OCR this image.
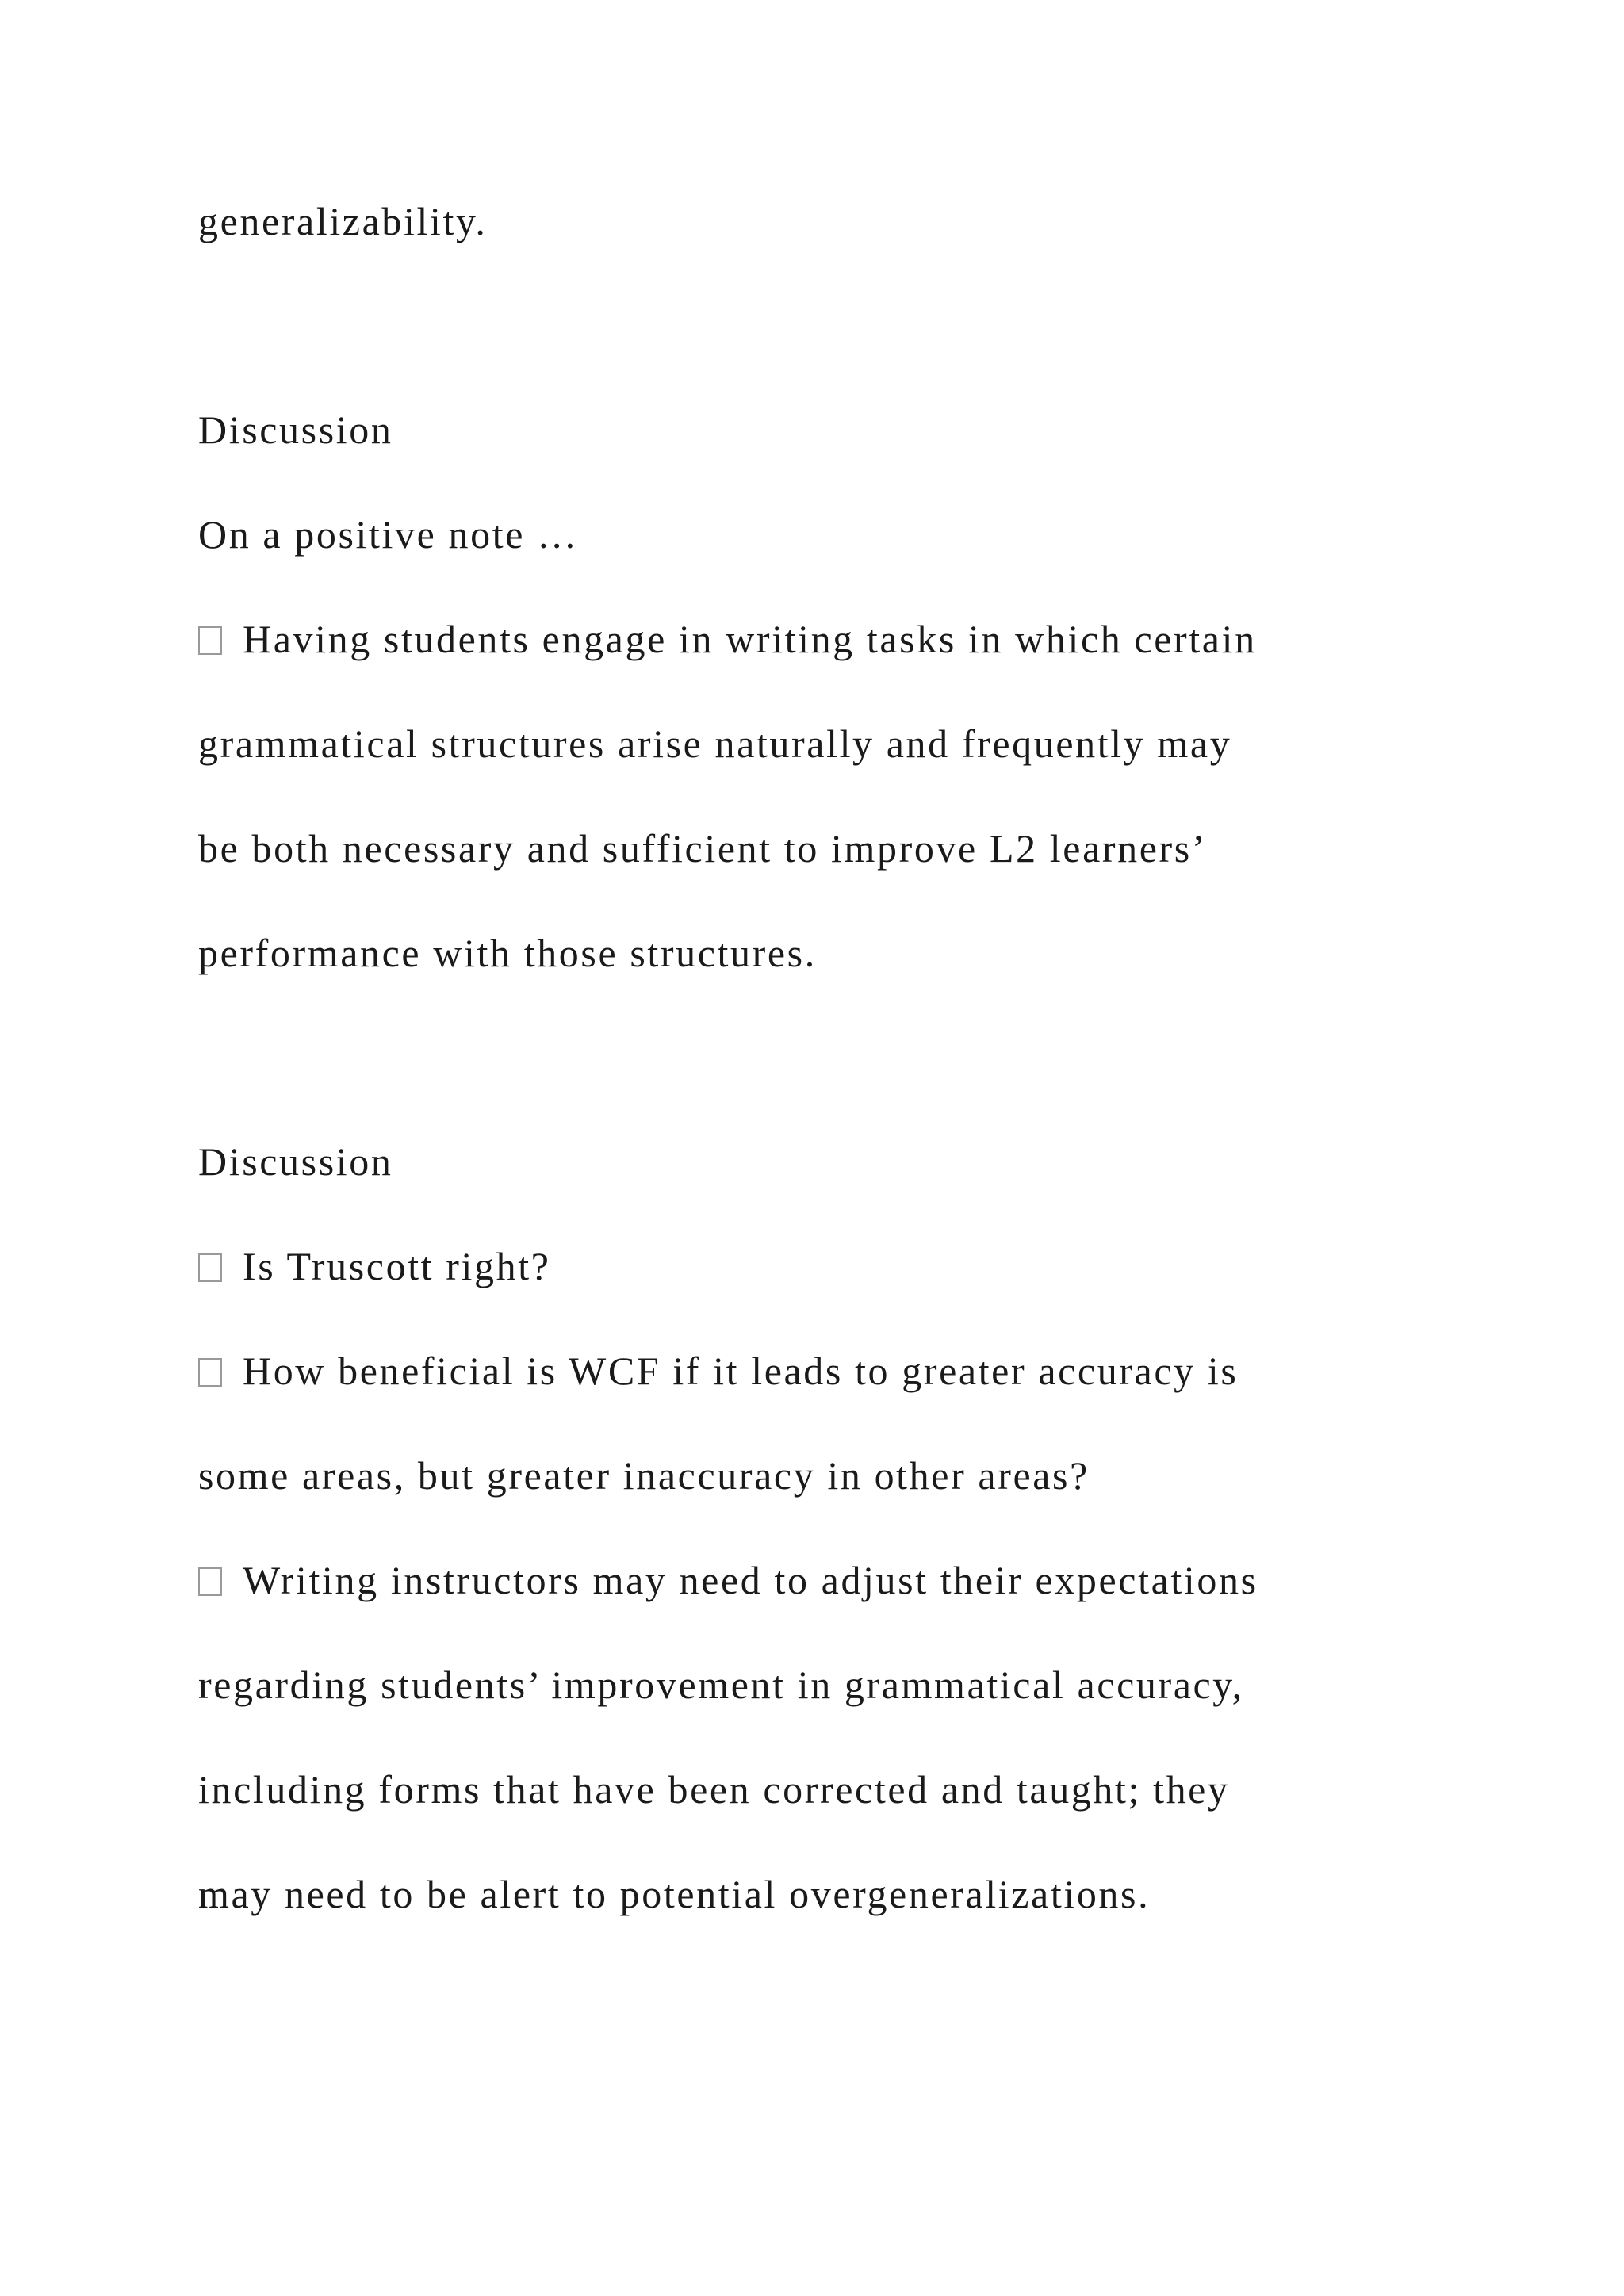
generalizability.
Discussion
On a positive note …
Having students engage in writing tasks in which certain
grammatical structures arise naturally and frequently may
be both necessary and sufficient to improve L2 learners’
performance with those structures.
Discussion
Is Truscott right?
How beneficial is WCF if it leads to greater accuracy is
some areas, but greater inaccuracy in other areas?
Writing instructors may need to adjust their expectations
regarding students’ improvement in grammatical accuracy,
including forms that have been corrected and taught; they
may need to be alert to potential overgeneralizations.
